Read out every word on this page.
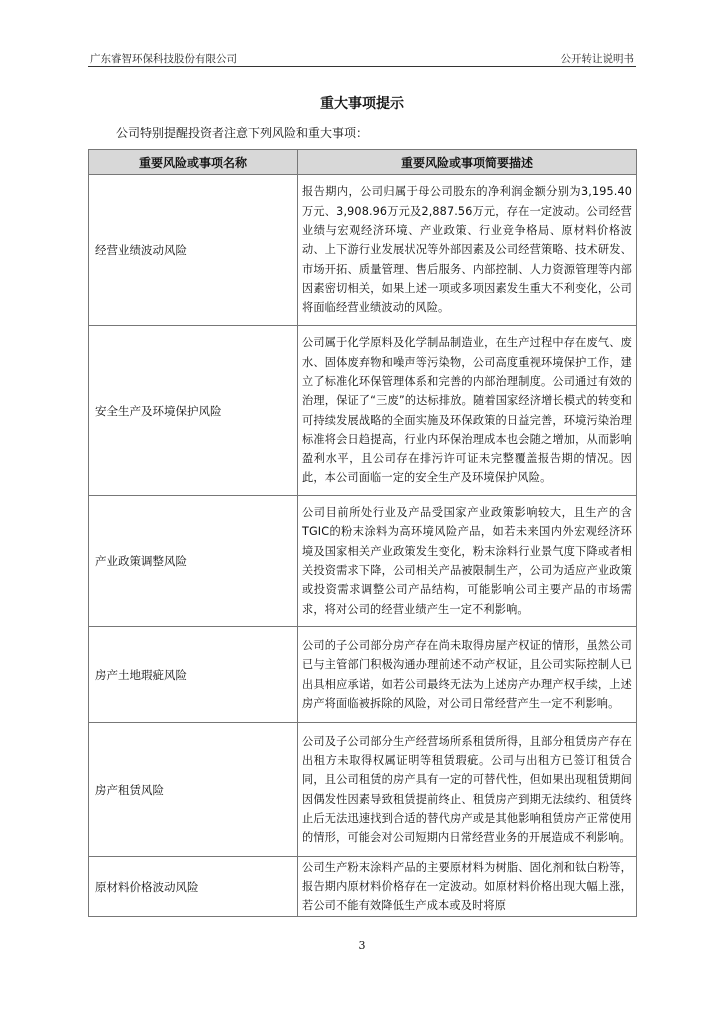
广东睿智环保科技股份有限公司	公开转让说明书
重大事项提示
公司特别提醒投资者注意下列风险和重大事项：
重要风险或事项名称	重要风险或事项简要描述
经营业绩波动风险	报告期内，公司归属于母公司股东的净利润金额分别为3,195.40万元、3,908.96万元及2,887.56万元，存在一定波动。公司经营业绩与宏观经济环境、产业政策、行业竞争格局、原材料价格波动、上下游行业发展状况等外部因素及公司经营策略、技术研发、市场开拓、质量管理、售后服务、内部控制、人力资源管理等内部因素密切相关，如果上述一项或多项因素发生重大不利变化，公司将面临经营业绩波动的风险。
安全生产及环境保护风险	公司属于化学原料及化学制品制造业，在生产过程中存在废气、废水、固体废弃物和噪声等污染物，公司高度重视环境保护工作，建立了标准化环保管理体系和完善的内部治理制度。公司通过有效的治理，保证了“三废”的达标排放。随着国家经济增长模式的转变和可持续发展战略的全面实施及环保政策的日益完善，环境污染治理标准将会日趋提高，行业内环保治理成本也会随之增加，从而影响盈利水平，且公司存在排污许可证未完整覆盖报告期的情况。因此，本公司面临一定的安全生产及环境保护风险。
产业政策调整风险	公司目前所处行业及产品受国家产业政策影响较大，且生产的含TGIC的粉末涂料为高环境风险产品，如若未来国内外宏观经济环境及国家相关产业政策发生变化，粉末涂料行业景气度下降或者相关投资需求下降，公司相关产品被限制生产，公司为适应产业政策或投资需求调整公司产品结构，可能影响公司主要产品的市场需求，将对公司的经营业绩产生一定不利影响。
房产土地瑕疵风险	公司的子公司部分房产存在尚未取得房屋产权证的情形，虽然公司已与主管部门积极沟通办理前述不动产权证，且公司实际控制人已出具相应承诺，如若公司最终无法为上述房产办理产权手续，上述房产将面临被拆除的风险，对公司日常经营产生一定不利影响。
房产租赁风险	公司及子公司部分生产经营场所系租赁所得，且部分租赁房产存在出租方未取得权属证明等租赁瑕疵。公司与出租方已签订租赁合同，且公司租赁的房产具有一定的可替代性，但如果出现租赁期间因偶发性因素导致租赁提前终止、租赁房产到期无法续约、租赁终止后无法迅速找到合适的替代房产或是其他影响租赁房产正常使用的情形，可能会对公司短期内日常经营业务的开展造成不利影响。
原材料价格波动风险	公司生产粉末涂料产品的主要原材料为树脂、固化剂和钛白粉等，报告期内原材料价格存在一定波动。如原材料价格出现大幅上涨，若公司不能有效降低生产成本或及时将原
3
